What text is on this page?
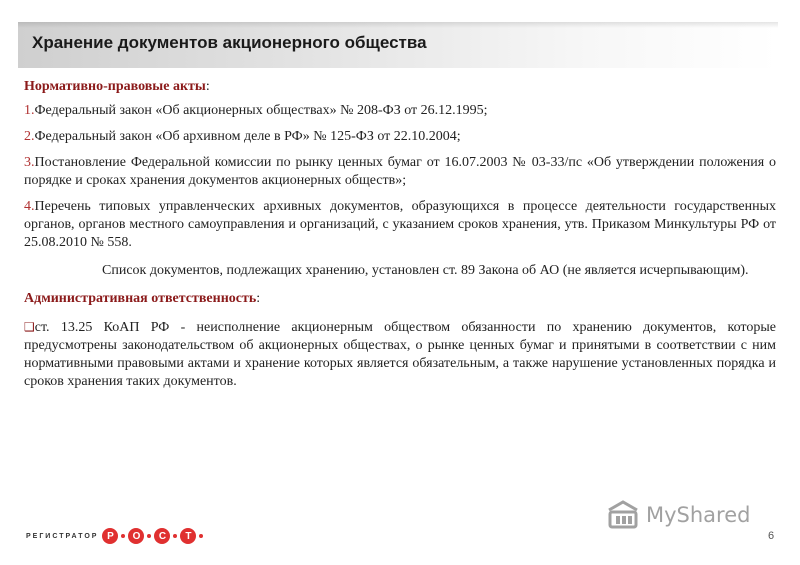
Хранение документов акционерного общества

Нормативно-правовые акты:

1.Федеральный закон «Об акционерных обществах» № 208-ФЗ от 26.12.1995;

2.Федеральный закон «Об архивном деле в РФ» № 125-ФЗ от 22.10.2004;

3.Постановление Федеральной комиссии по рынку ценных бумаг от 16.07.2003 № 03-33/пс «Об утверждении положения о порядке и сроках хранения документов акционерных обществ»;

4.Перечень типовых управленческих архивных документов, образующихся в процессе деятельности государственных органов, органов местного самоуправления и организаций, с указанием сроков хранения, утв. Приказом Минкультуры РФ от 25.08.2010 № 558.

Список документов, подлежащих хранению, установлен ст. 89 Закона об АО (не является исчерпывающим).

Административная ответственность:

❑ст. 13.25 КоАП РФ - неисполнение акционерным обществом обязанности по хранению документов, которые предусмотрены законодательством об акционерных обществах, о рынке ценных бумаг и принятыми в соответствии с ним нормативными правовыми актами и хранение которых является обязательным, а также нарушение установленных порядка и сроков хранения таких документов.

РЕГИСТРАТОР Р	О	С	Т
MyShared
6
